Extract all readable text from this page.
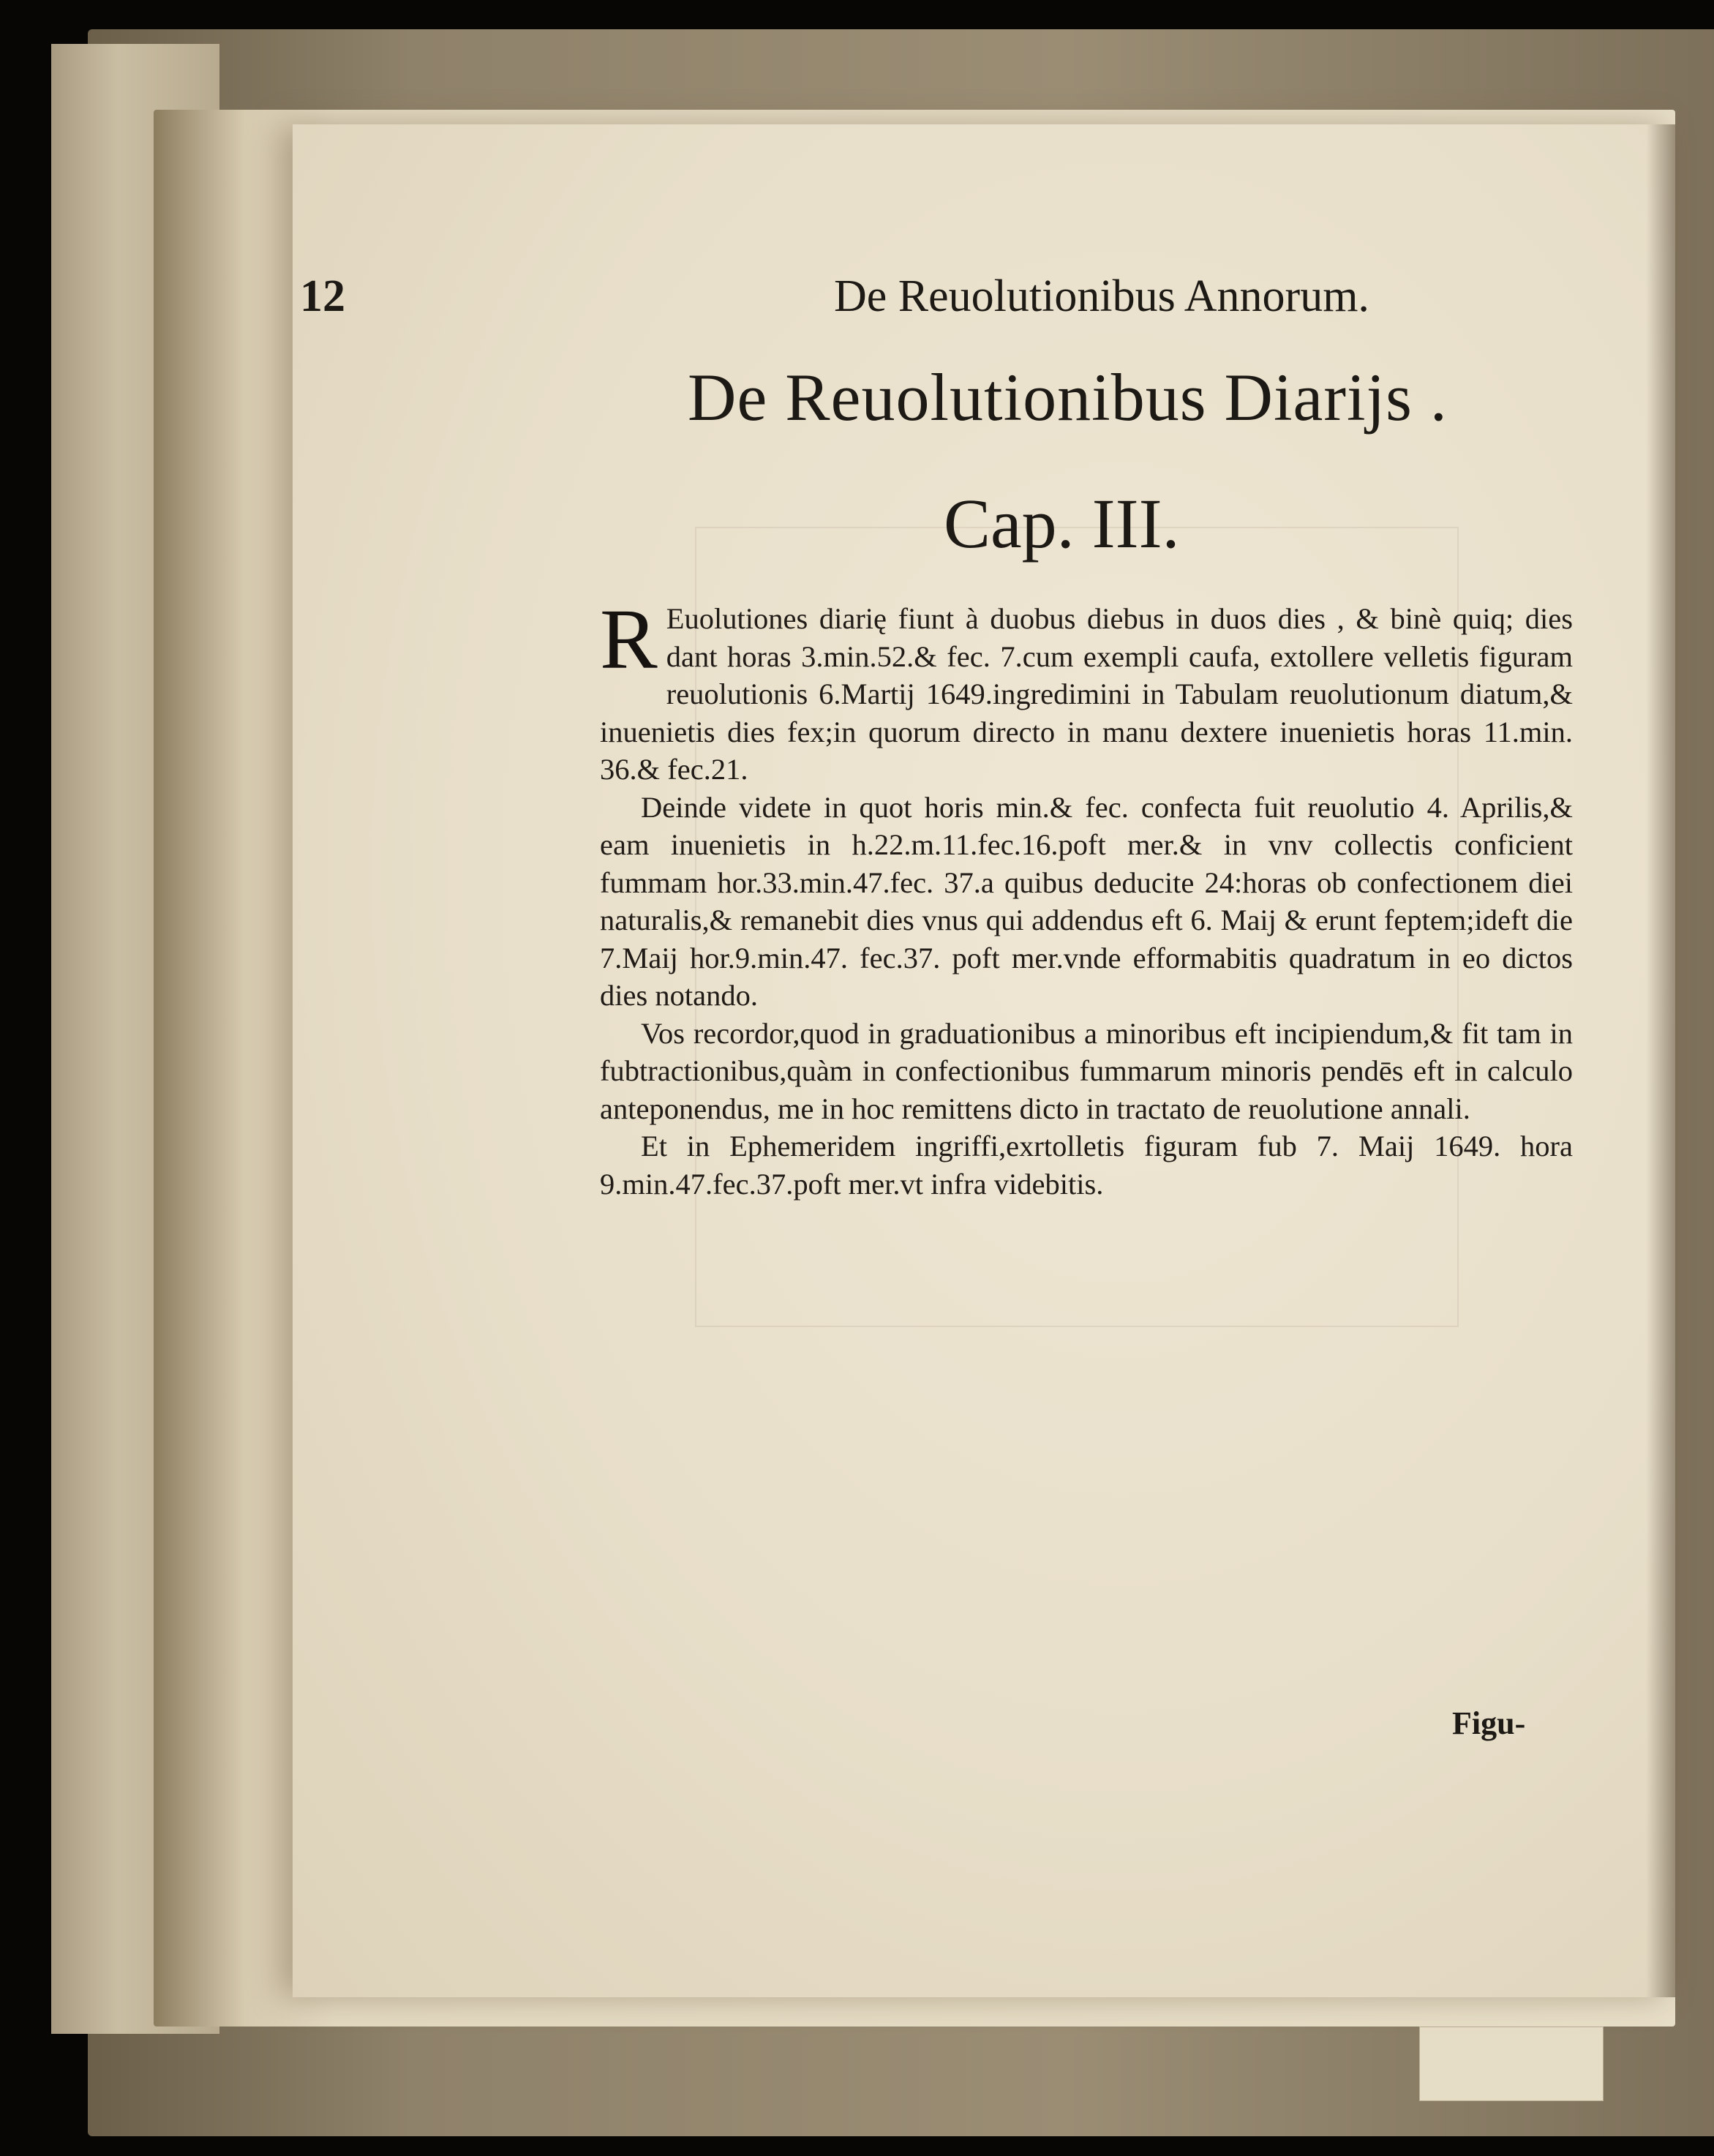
12	De Reuolutionibus Annorum.
De Reuolutionibus Diarijs .
Cap. III.

R Euolutiones diarię fiunt à duobus diebus in duos dies , & binè quiq; dies dant horas 3.min.52.& fec. 7.cum exempli caufa, extollere velletis figuram reuolutionis 6.Martij 1649.ingredimini in Tabulam reuolutionum diatum,& inuenietis dies fex;in quorum directo in manu dextere inuenietis horas 11.min. 36.& fec.21.

Deinde videte in quot horis min.& fec. confecta fuit reuolutio 4. Aprilis,& eam inuenietis in h.22.m.11.fec.16.poft mer.& in vnv collectis conficient fummam hor.33.min.47.fec. 37.a quibus deducite 24:horas ob confectionem diei naturalis,& remanebit dies vnus qui addendus eft 6. Maij & erunt feptem;ideft die 7.Maij hor.9.min.47. fec.37. poft mer.vnde efformabitis quadratum in eo dictos dies notando.

Vos recordor,quod in graduationibus a minoribus eft incipiendum,& fit tam in fubtractionibus,quàm in confectionibus fummarum minoris pendēs eft in calculo anteponendus, me in hoc remittens dicto in tractato de reuolutione annali.

Et in Ephemeridem ingriffi,exrtolletis figuram fub 7. Maij 1649. hora 9.min.47.fec.37.poft mer.vt infra videbitis.

Figu-
